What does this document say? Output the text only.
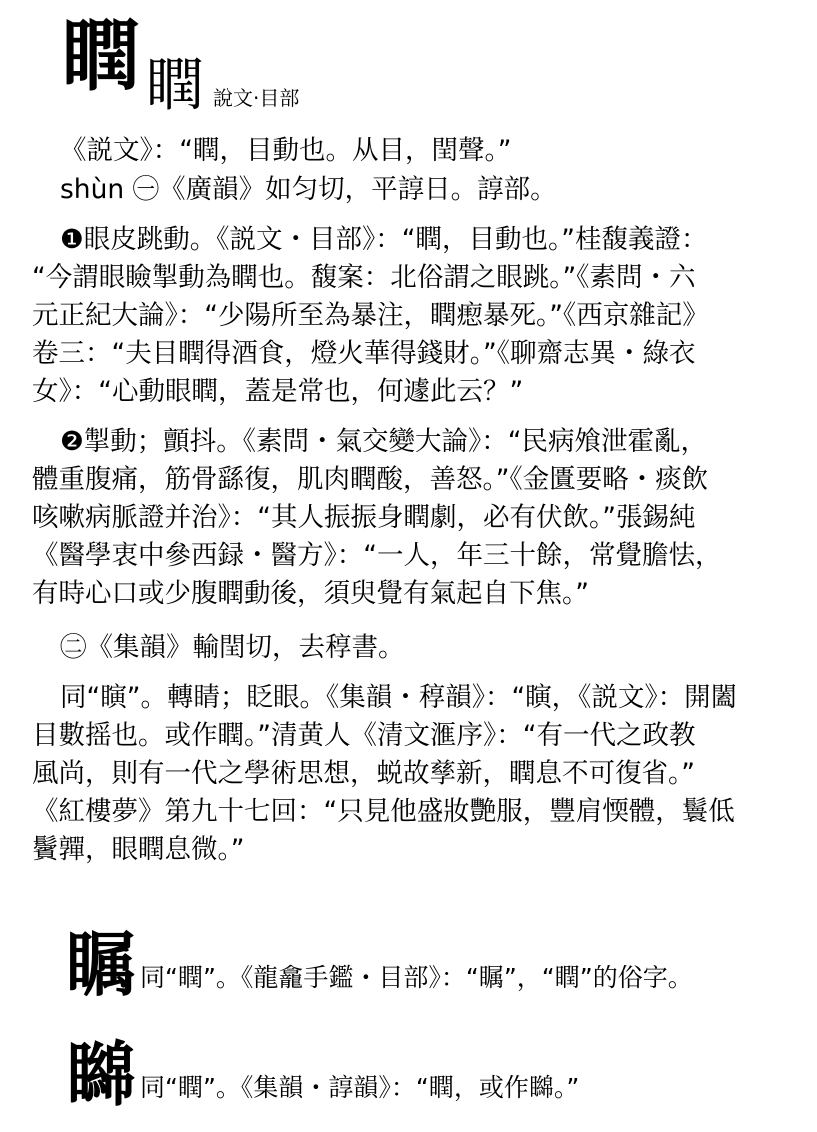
瞤 瞤 說文·目部
《説文》：“瞤，目動也。从目，閏聲。”
shùn ㊀《廣韻》如匀切，平諄日。諄部。
❶眼皮跳動。《説文・目部》：“瞤，目動也。”桂馥義證：
“今謂眼瞼掣動為瞤也。馥案：北俗謂之眼跳。”《素問・六
元正紀大論》：“少陽所至為暴注，瞤瘛暴死。”《西京雜記》
卷三：“夫目瞤得酒食，燈火華得錢財。”《聊齋志異・綠衣
女》：“心動眼瞤，蓋是常也，何遽此云？”
❷掣動；顫抖。《素問・氣交變大論》：“民病飧泄霍亂，
體重腹痛，筋骨繇復，肌肉瞤酸，善怒。”《金匱要略・痰飲
咳嗽病脈證并治》：“其人振振身瞤劇，必有伏飲。”張錫純
《醫學衷中參西録・醫方》：“一人，年三十餘，常覺膽怯，
有時心口或少腹瞤動後，須臾覺有氣起自下焦。”
㊁《集韻》輸閏切，去稕書。
同“瞚”。轉睛；眨眼。《集韻・稕韻》：“瞚，《説文》：開闔
目數摇也。或作瞤。”清黄人《清文滙序》：“有一代之政教
風尚，則有一代之學術思想，蜕故孳新，瞤息不可復省。”
《紅樓夢》第九十七回：“只見他盛妝艷服，豐肩愞體，鬟低
鬢嚲，眼瞤息微。”
瞩 同“瞤”。《龍龕手鑑・目部》：“瞩”，“瞤”的俗字。
矊 同“瞤”。《集韻・諄韻》：“瞤，或作矊。”
